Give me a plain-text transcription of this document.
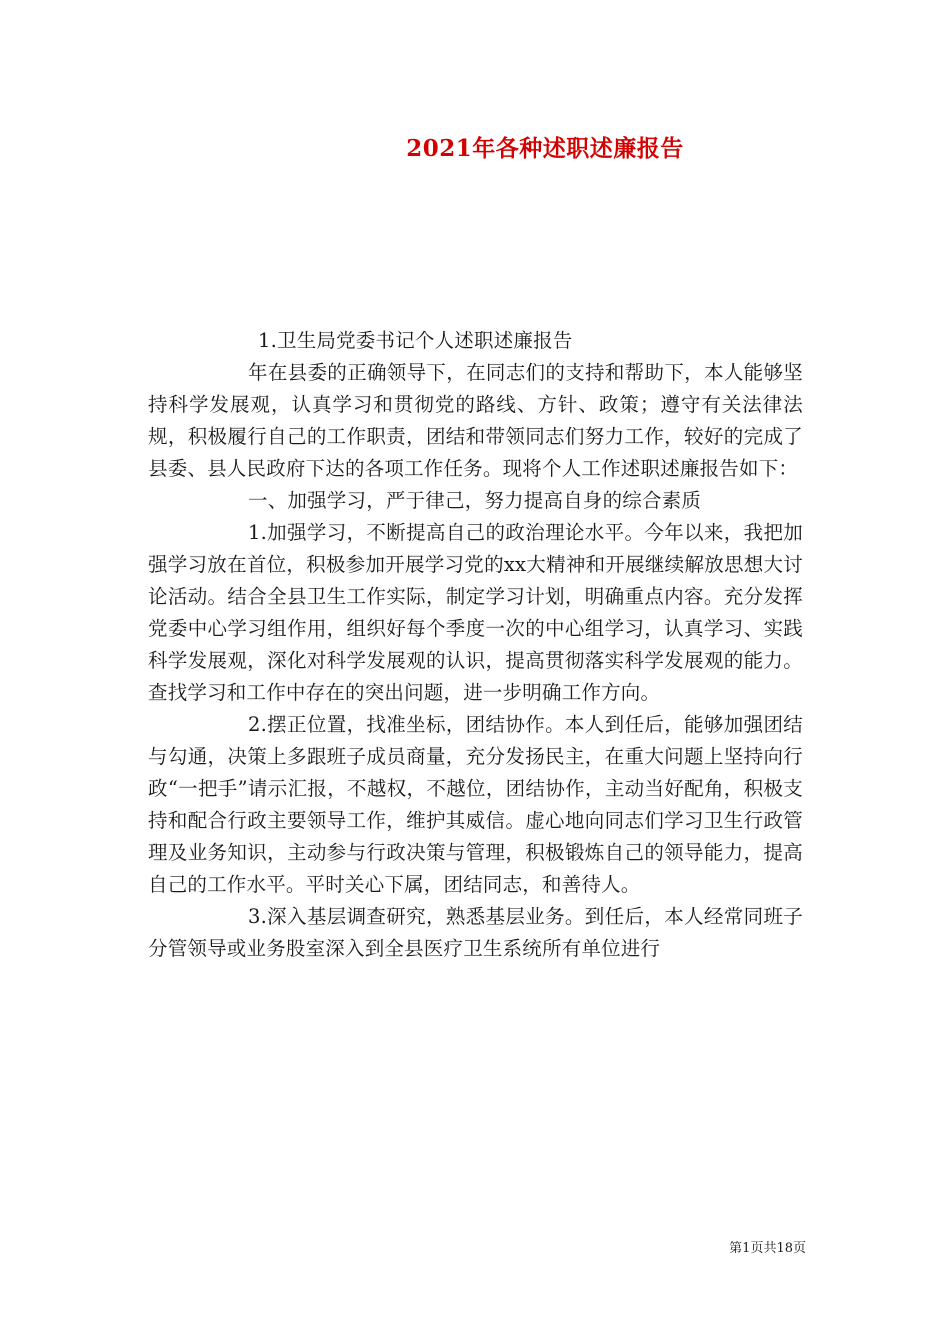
2021年各种述职述廉报告

1.卫生局党委书记个人述职述廉报告

年在县委的正确领导下，在同志们的支持和帮助下，本人能够坚持科学发展观，认真学习和贯彻党的路线、方针、政策；遵守有关法律法规，积极履行自己的工作职责，团结和带领同志们努力工作，较好的完成了县委、县人民政府下达的各项工作任务。现将个人工作述职述廉报告如下：

一、加强学习，严于律己，努力提高自身的综合素质

1.加强学习，不断提高自己的政治理论水平。今年以来，我把加强学习放在首位，积极参加开展学习党的xx大精神和开展继续解放思想大讨论活动。结合全县卫生工作实际，制定学习计划，明确重点内容。充分发挥党委中心学习组作用，组织好每个季度一次的中心组学习，认真学习、实践科学发展观，深化对科学发展观的认识，提高贯彻落实科学发展观的能力。查找学习和工作中存在的突出问题，进一步明确工作方向。

2.摆正位置，找准坐标，团结协作。本人到任后，能够加强团结与勾通，决策上多跟班子成员商量，充分发扬民主，在重大问题上坚持向行政“一把手”请示汇报，不越权，不越位，团结协作，主动当好配角，积极支持和配合行政主要领导工作，维护其威信。虚心地向同志们学习卫生行政管理及业务知识，主动参与行政决策与管理，积极锻炼自己的领导能力，提高自己的工作水平。平时关心下属，团结同志，和善待人。

3.深入基层调查研究，熟悉基层业务。到任后，本人经常同班子分管领导或业务股室深入到全县医疗卫生系统所有单位进行

第1页共18页
